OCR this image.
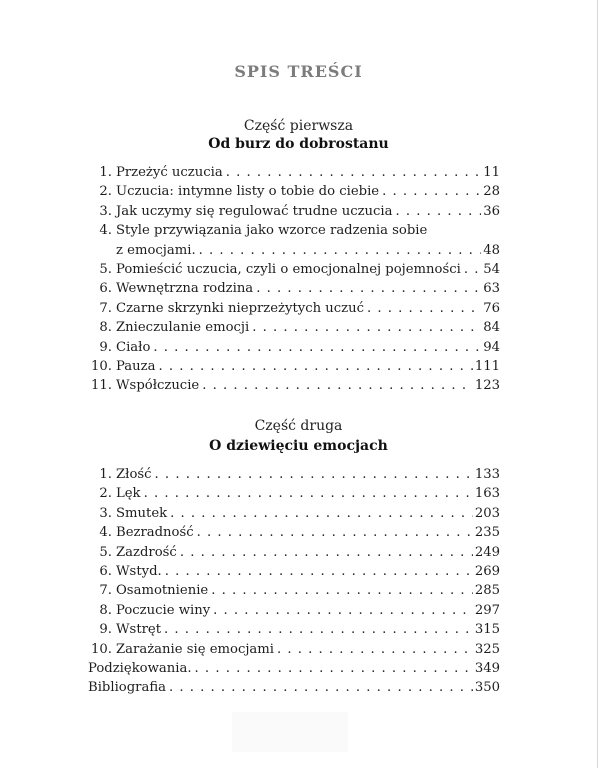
SPIS TREŚCI
Część pierwsza
Od burz do dobrostanu
1. Przeżyć uczucia . . .	11
2. Uczucia: intymne listy o tobie do ciebie . . .	28
3. Jak uczymy się regulować trudne uczucia . . .	36
4. Style przywiązania jako wzorce radzenia sobie
z emocjami. . . .	48
5. Pomieścić uczucia, czyli o emocjonalnej pojemności . . . 54
6. Wewnętrzna rodzina . . .	63
7. Czarne skrzynki nieprzeżytych uczuć . . .	76
8. Znieczulanie emocji . . .	84
9. Ciało . . .	94
10. Pauza . . .	111
11. Współczucie . . .	123
Część druga
O dziewięciu emocjach
1. Złość . . .	133
2. Lęk . . .	163
3. Smutek . . .	203
4. Bezradność . . .	235
5. Zazdrość . . .	249
6. Wstyd. . . .	269
7. Osamotnienie . . .	285
8. Poczucie winy . . .	297
9. Wstręt . . .	315
10. Zarażanie się emocjami . . .	325
Podziękowania. . . .	349
Bibliografia . . .	350
